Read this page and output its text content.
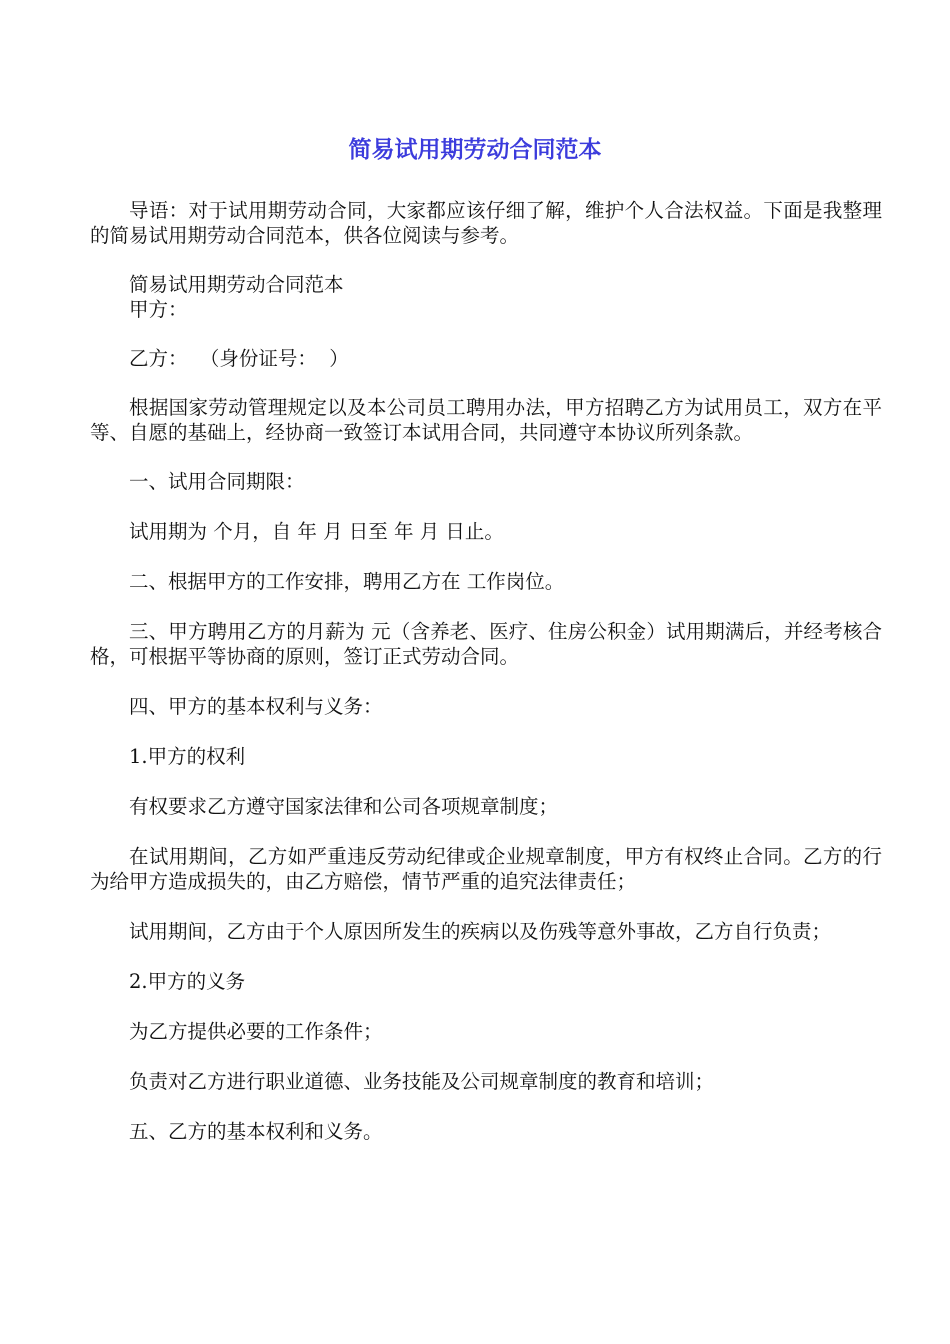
简易试用期劳动合同范本

导语：对于试用期劳动合同，大家都应该仔细了解，维护个人合法权益。下面是我整理的简易试用期劳动合同范本，供各位阅读与参考。

简易试用期劳动合同范本

甲方：

乙方：  （身份证号：  ）

根据国家劳动管理规定以及本公司员工聘用办法，甲方招聘乙方为试用员工，双方在平等、自愿的基础上，经协商一致签订本试用合同，共同遵守本协议所列条款。

一、试用合同期限：

试用期为 个月，自 年 月 日至 年 月 日止。

二、根据甲方的工作安排，聘用乙方在 工作岗位。

三、甲方聘用乙方的月薪为 元（含养老、医疗、住房公积金）试用期满后，并经考核合格，可根据平等协商的原则，签订正式劳动合同。

四、甲方的基本权利与义务：

1.甲方的权利

有权要求乙方遵守国家法律和公司各项规章制度；

在试用期间，乙方如严重违反劳动纪律或企业规章制度，甲方有权终止合同。乙方的行为给甲方造成损失的，由乙方赔偿，情节严重的追究法律责任；

试用期间，乙方由于个人原因所发生的疾病以及伤残等意外事故，乙方自行负责；

2.甲方的义务

为乙方提供必要的工作条件；

负责对乙方进行职业道德、业务技能及公司规章制度的教育和培训；

五、乙方的基本权利和义务。
